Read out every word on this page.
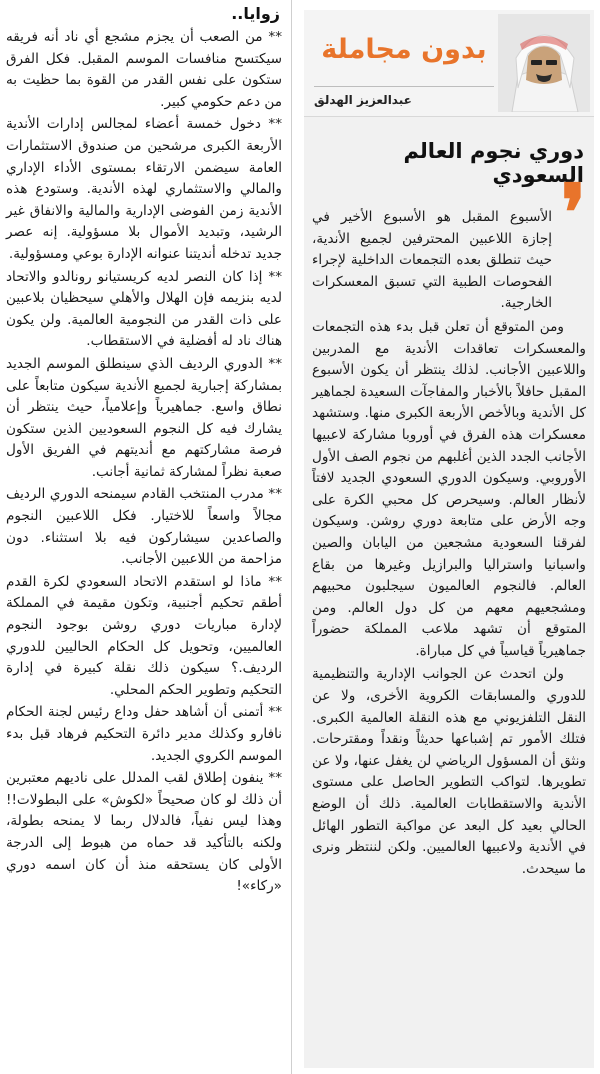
بدون مجاملة
عبدالعزيز الهدلق
دوري نجوم العالم السعودي
❜

الأسبوع المقبل هو الأسبوع الأخير في إجازة اللاعبين المحترفين لجميع الأندية، حيث تنطلق بعده التجمعات الداخلية لإجراء الفحوصات الطبية التي تسبق المعسكرات الخارجية.

ومن المتوقع أن تعلن قبل بدء هذه التجمعات والمعسكرات تعاقدات الأندية مع المدربين واللاعبين الأجانب. لذلك ينتظر أن يكون الأسبوع المقبل حافلاً بالأخبار والمفاجآت السعيدة لجماهير كل الأندية وبالأخص الأربعة الكبرى منها. وستشهد معسكرات هذه الفرق في أوروبا مشاركة لاعبيها الأجانب الجدد الذين أغلبهم من نجوم الصف الأول الأوروبي. وسيكون الدوري السعودي الجديد لافتاً لأنظار العالم. وسيحرص كل محبي الكرة على وجه الأرض على متابعة دوري روشن. وسيكون لفرقنا السعودية مشجعين من اليابان والصين واسبانيا واستراليا والبرازيل وغيرها من بقاع العالم. فالنجوم العالميون سيجلبون محبيهم ومشجعيهم معهم من كل دول العالم. ومن المتوقع أن تشهد ملاعب المملكة حضوراً جماهيرياً قياسياً في كل مباراة.

ولن اتحدث عن الجوانب الإدارية والتنظيمية للدوري والمسابقات الكروية الأخرى، ولا عن النقل التلفزيوني مع هذه النقلة العالمية الكبرى. فتلك الأمور تم إشباعها حديثاً ونقداً ومقترحات. ونثق أن المسؤول الرياضي لن يغفل عنها، ولا عن تطويرها. لتواكب التطوير الحاصل على مستوى الأندية والاستقطابات العالمية. ذلك أن الوضع الحالي بعيد كل البعد عن مواكبة التطور الهائل في الأندية ولاعبيها العالميين. ولكن لننتظر ونرى ما سيحدث.

زوايا..

** من الصعب أن يجزم مشجع أي ناد أنه فريقه سيكتسح منافسات الموسم المقبل. فكل الفرق ستكون على نفس القدر من القوة بما حظيت به من دعم حكومي كبير.

** دخول خمسة أعضاء لمجالس إدارات الأندية الأربعة الكبرى مرشحين من صندوق الاستثمارات العامة سيضمن الارتقاء بمستوى الأداء الإداري والمالي والاستثماري لهذه الأندية. وستودع هذه الأندية زمن الفوضى الإدارية والمالية والانفاق غير الرشيد، وتبديد الأموال بلا مسؤولية. إنه عصر جديد تدخله أنديتنا عنوانه الإدارة بوعي ومسؤولية.

** إذا كان النصر لديه كريستيانو رونالدو والاتحاد لديه بنزيمه فإن الهلال والأهلي سيحظيان بلاعبين على ذات القدر من النجومية العالمية. ولن يكون هناك ناد له أفضلية في الاستقطاب.

** الدوري الرديف الذي سينطلق الموسم الجديد بمشاركة إجبارية لجميع الأندية سيكون متابعاً على نطاق واسع. جماهيرياً وإعلامياً، حيث ينتظر أن يشارك فيه كل النجوم السعوديين الذين ستكون فرصة مشاركتهم مع أنديتهم في الفريق الأول صعبة نظراً لمشاركة ثمانية أجانب.

** مدرب المنتخب القادم سيمنحه الدوري الرديف مجالاً واسعاً للاختيار. فكل اللاعبين النجوم والصاعدين سيشاركون فيه بلا استثناء. دون مزاحمة من اللاعبين الأجانب.

** ماذا لو استقدم الاتحاد السعودي لكرة القدم أطقم تحكيم أجنبية، وتكون مقيمة في المملكة لإدارة مباريات دوري روشن بوجود النجوم العالميين، وتحويل كل الحكام الحاليين للدوري الرديف.؟ سيكون ذلك نقلة كبيرة في إدارة التحكيم وتطوير الحكم المحلي.

** أتمنى أن أشاهد حفل وداع رئيس لجنة الحكام نافارو وكذلك مدير دائرة التحكيم فرهاد قبل بدء الموسم الكروي الجديد.

** ينفون إطلاق لقب المدلل على ناديهم معتبرين أن ذلك لو كان صحيحاً «لكوش» على البطولات!! وهذا ليس نفياً، فالدلال ربما لا يمنحه بطولة، ولكنه بالتأكيد قد حماه من هبوط إلى الدرجة الأولى كان يستحقه منذ أن كان اسمه دوري «ركاء»!
